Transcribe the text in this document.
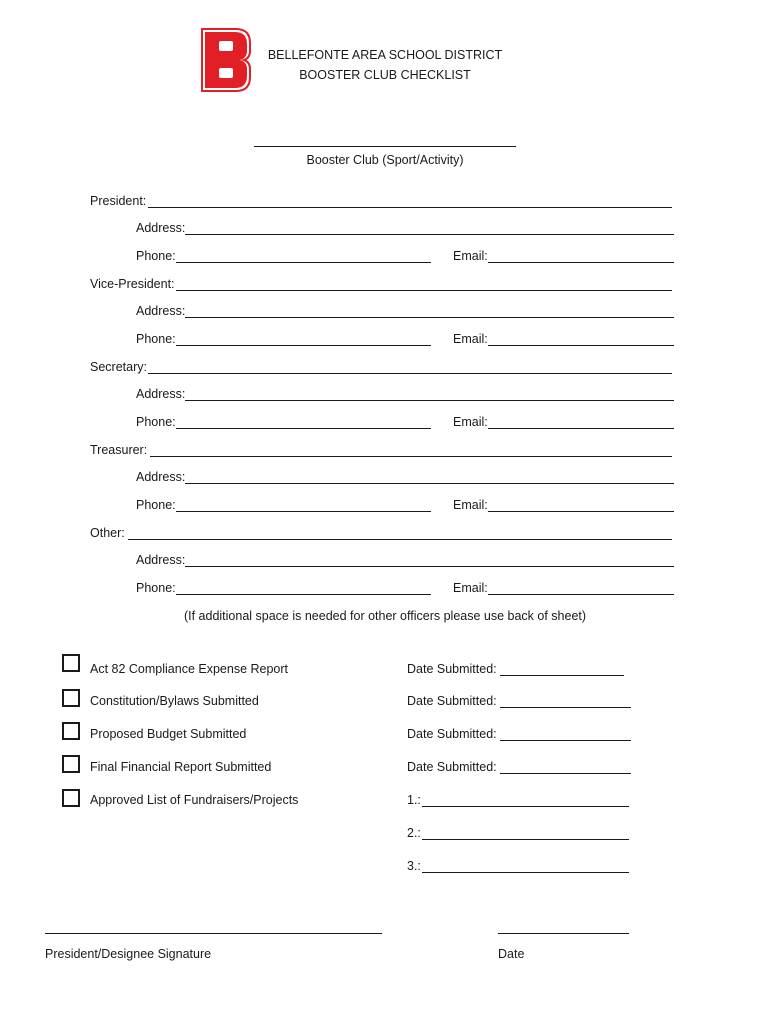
BELLEFONTE AREA SCHOOL DISTRICT
BOOSTER CLUB CHECKLIST
Booster Club (Sport/Activity)
President:
Address:
Phone:	Email:
Vice-President:
Address:
Phone:	Email:
Secretary:
Address:
Phone:	Email:
Treasurer:
Address:
Phone:	Email:
Other:
Address:
Phone:	Email:
(If additional space is needed for other officers please use back of sheet)
Act 82 Compliance Expense Report	Date Submitted:
Constitution/Bylaws Submitted	Date Submitted:
Proposed Budget Submitted	Date Submitted:
Final Financial Report Submitted	Date Submitted:
Approved List of Fundraisers/Projects	1.:
2.:
3.:
President/Designee Signature	Date
